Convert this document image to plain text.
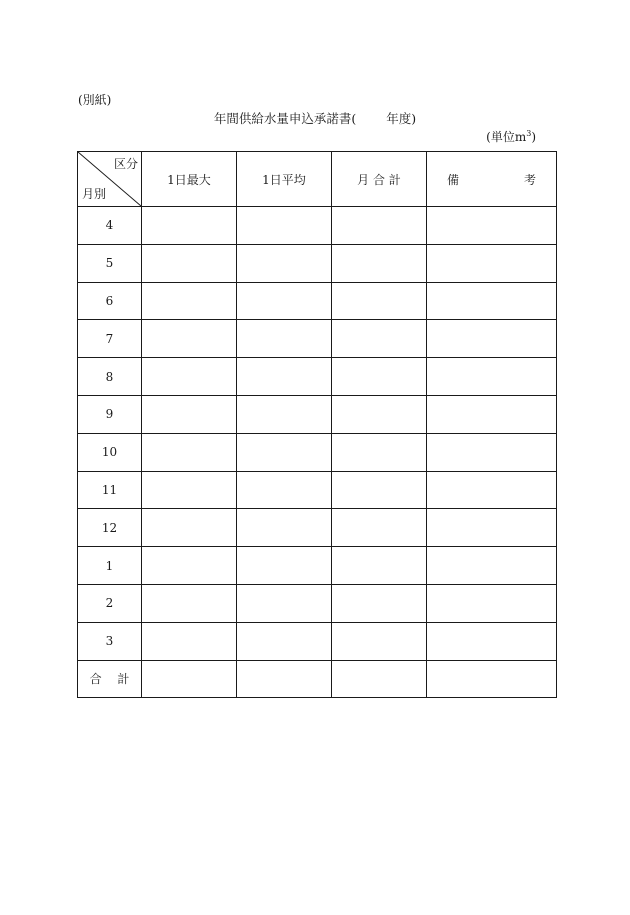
(別紙)
年間供給水量申込承諾書( 年度)
(単位$m^3$)
区分
月別	1日最大	1日平均	月 合 計	備 考

4				
5				
6				
7				
8				
9				
10				
11				
12				
1				
2				
3				
合 計				
